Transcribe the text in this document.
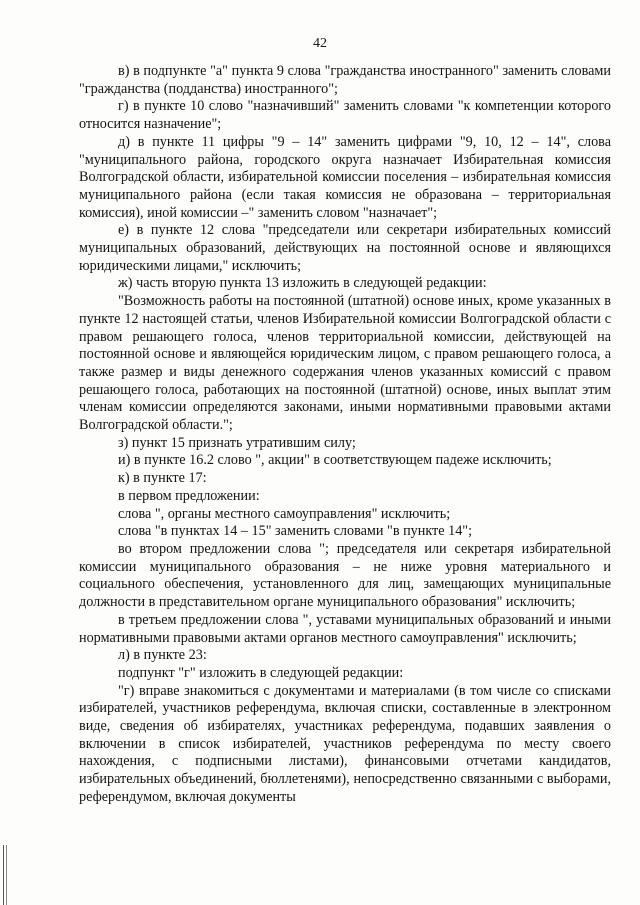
42

в) в подпункте "а" пункта 9 слова "гражданства иностранного" заменить словами "гражданства (подданства) иностранного";

г) в пункте 10 слово "назначивший" заменить словами "к компетенции которого относится назначение";

д) в пункте 11 цифры "9 – 14" заменить цифрами "9, 10, 12 – 14", слова "муниципального района, городского округа назначает Избирательная комиссия Волгоградской области, избирательной комиссии поселения – избирательная комиссия муниципального района (если такая комиссия не образована – территориальная комиссия), иной комиссии –" заменить словом "назначает";

е) в пункте 12 слова "председатели или секретари избирательных комиссий муниципальных образований, действующих на постоянной основе и являющихся юридическими лицами," исключить;

ж) часть вторую пункта 13 изложить в следующей редакции:

"Возможность работы на постоянной (штатной) основе иных, кроме указанных в пункте 12 настоящей статьи, членов Избирательной комиссии Волгоградской области с правом решающего голоса, членов территориальной комиссии, действующей на постоянной основе и являющейся юридическим лицом, с правом решающего голоса, а также размер и виды денежного содержания членов указанных комиссий с правом решающего голоса, работающих на постоянной (штатной) основе, иных выплат этим членам комиссии определяются законами, иными нормативными правовыми актами Волгоградской области.";

з) пункт 15 признать утратившим силу;

и) в пункте 16.2 слово ", акции" в соответствующем падеже исключить;

к) в пункте 17:

в первом предложении:

слова ", органы местного самоуправления" исключить;

слова "в пунктах 14 – 15" заменить словами "в пункте 14";

во втором предложении слова "; председателя или секретаря избирательной комиссии муниципального образования – не ниже уровня материального и социального обеспечения, установленного для лиц, замещающих муниципальные должности в представительном органе муниципального образования" исключить;

в третьем предложении слова ", уставами муниципальных образований и иными нормативными правовыми актами органов местного самоуправления" исключить;

л) в пункте 23:

подпункт "г" изложить в следующей редакции:

"г) вправе знакомиться с документами и материалами (в том числе со списками избирателей, участников референдума, включая списки, составленные в электронном виде, сведения об избирателях, участниках референдума, подавших заявления о включении в список избирателей, участников референдума по месту своего нахождения, с подписными листами), финансовыми отчетами кандидатов, избирательных объединений, бюллетенями), непосредственно связанными с выборами, референдумом, включая документы
